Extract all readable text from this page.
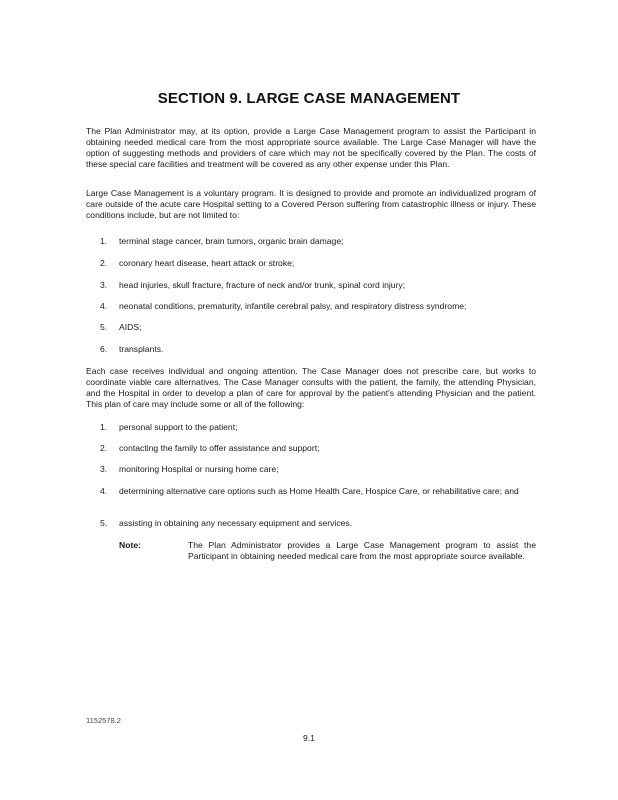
SECTION 9. LARGE CASE MANAGEMENT

The Plan Administrator may, at its option, provide a Large Case Management program to assist the Participant in obtaining needed medical care from the most appropriate source available. The Large Case Manager will have the option of suggesting methods and providers of care which may not be specifically covered by the Plan. The costs of these special care facilities and treatment will be covered as any other expense under this Plan.

Large Case Management is a voluntary program. It is designed to provide and promote an individualized program of care outside of the acute care Hospital setting to a Covered Person suffering from catastrophic illness or injury. These conditions include, but are not limited to:

1. terminal stage cancer, brain tumors, organic brain damage;
2. coronary heart disease, heart attack or stroke;
3. head injuries, skull fracture, fracture of neck and/or trunk, spinal cord injury;
4. neonatal conditions, prematurity, infantile cerebral palsy, and respiratory distress syndrome;
5. AIDS;
6. transplants.

Each case receives individual and ongoing attention. The Case Manager does not prescribe care, but works to coordinate viable care alternatives. The Case Manager consults with the patient, the family, the attending Physician, and the Hospital in order to develop a plan of care for approval by the patient's attending Physician and the patient. This plan of care may include some or all of the following:

1. personal support to the patient;
2. contacting the family to offer assistance and support;
3. monitoring Hospital or nursing home care;
4. determining alternative care options such as Home Health Care, Hospice Care, or rehabilitative care; and
5. assisting in obtaining any necessary equipment and services.
Note:	The Plan Administrator provides a Large Case Management program to assist the Participant in obtaining needed medical care from the most appropriate source available.
1152578.2
9.1
